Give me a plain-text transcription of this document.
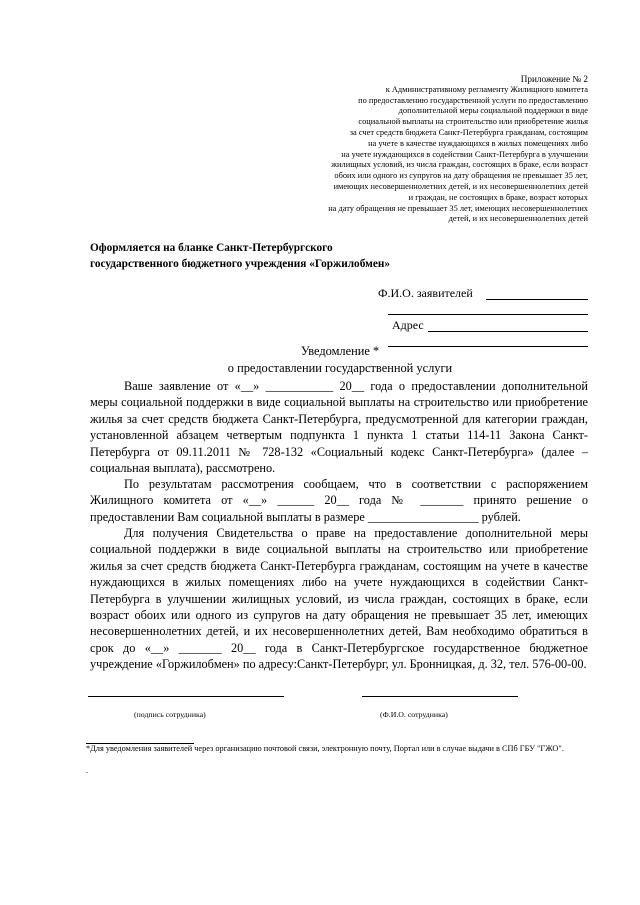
Приложение № 2
к Административному регламенту Жилищного комитета
по предоставлению государственной услуги по предоставлению
дополнительной меры социальной поддержки в виде
социальной выплаты на строительство или приобретение жилья
за счет средств бюджета Санкт-Петербурга гражданам, состоящим
на учете в качестве нуждающихся в жилых помещениях либо
на учете нуждающихся в содействии Санкт-Петербурга в улучшении
жилищных условий, из числа граждан, состоящих в браке, если возраст
обоих или одного из супругов на дату обращения не превышает 35 лет,
имеющих несовершеннолетних детей, и их несовершеннолетних детей
и граждан, не состоящих в браке, возраст которых
на дату обращения не превышает 35 лет, имеющих несовершеннолетних
детей, и их несовершеннолетних детей
Оформляется на бланке Санкт-Петербургского
государственного бюджетного учреждения «Горжилобмен»
Ф.И.О. заявителей
Адрес
Уведомление *
о предоставлении государственной услуги
Ваше заявление от «__» ___________ 20__ года о предоставлении дополнительной меры социальной поддержки в виде социальной выплаты на строительство или приобретение жилья за счет средств бюджета Санкт-Петербурга, предусмотренной для категории граждан, установленной абзацем четвертым подпункта 1 пункта 1 статьи 114-11 Закона Санкт-Петербурга от 09.11.2011 № 728-132 «Социальный кодекс Санкт-Петербурга» (далее – социальная выплата), рассмотрено.
По результатам рассмотрения сообщаем, что в соответствии с распоряжением Жилищного комитета от «__» ______ 20__ года № _______ принято решение о предоставлении Вам социальной выплаты в размере __________________ рублей.
Для получения Свидетельства о праве на предоставление дополнительной меры социальной поддержки в виде социальной выплаты на строительство или приобретение жилья за счет средств бюджета Санкт-Петербурга гражданам, состоящим на учете в качестве нуждающихся в жилых помещениях либо на учете нуждающихся в содействии Санкт-Петербурга в улучшении жилищных условий, из числа граждан, состоящих в браке, если возраст обоих или одного из супругов на дату обращения не превышает 35 лет, имеющих несовершеннолетних детей, и их несовершеннолетних детей, Вам необходимо обратиться в срок до «__» _______ 20__ года в Санкт-Петербургское государственное бюджетное учреждение «Горжилобмен» по адресу:Санкт-Петербург, ул. Бронницкая, д. 32, тел. 576-00-00.
(подпись сотрудника)	(Ф.И.О. сотрудника)
*Для уведомления заявителей через организацию почтовой связи, электронную почту, Портал или в случае выдачи в СПб ГБУ "ГЖО".
.
